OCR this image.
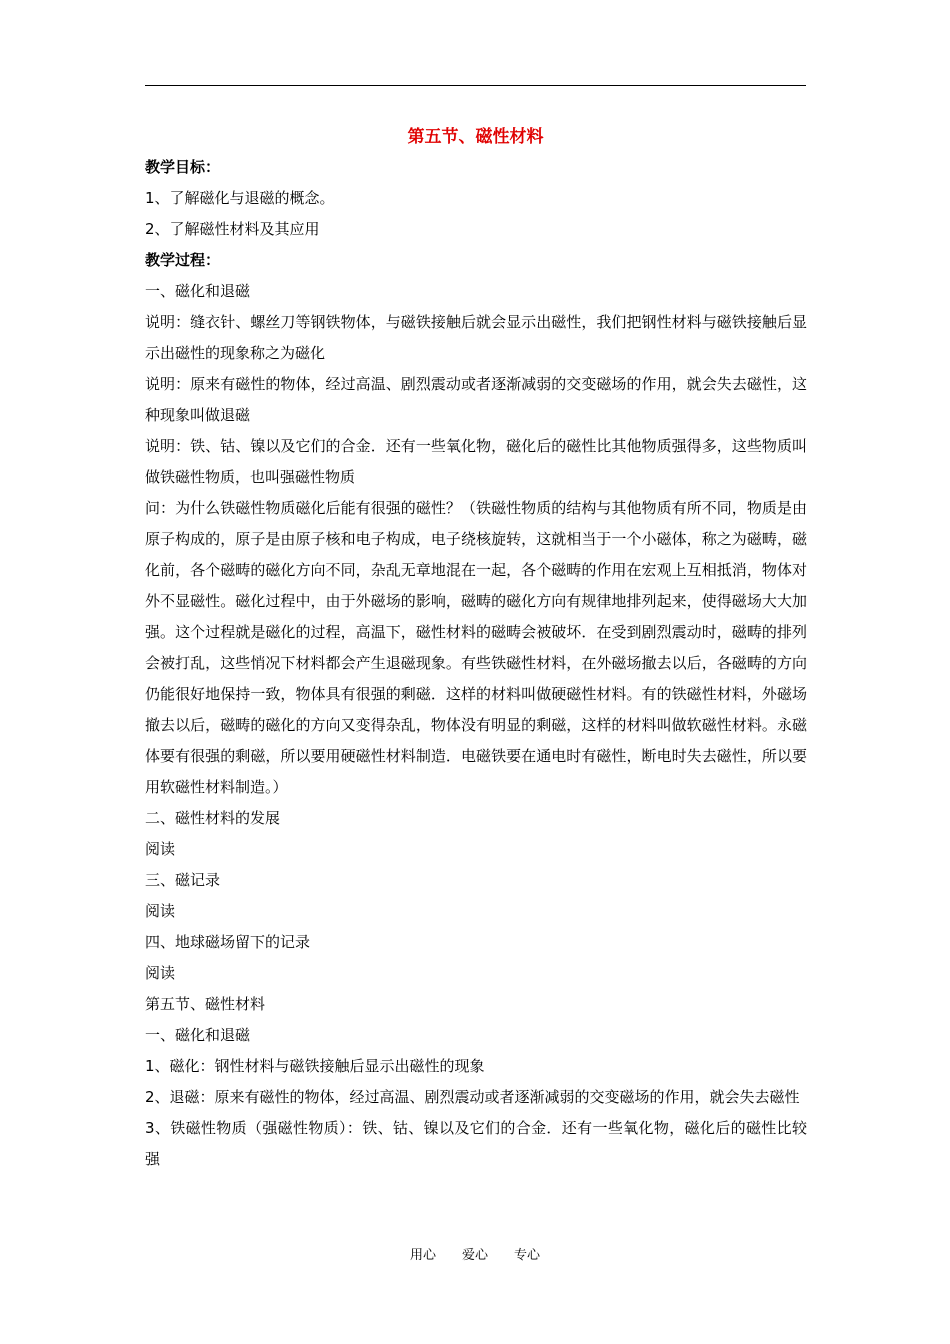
第五节、磁性材料

教学目标：

1、了解磁化与退磁的概念。

2、了解磁性材料及其应用

教学过程：

一、磁化和退磁

说明：缝衣针、螺丝刀等钢铁物体，与磁铁接触后就会显示出磁性，我们把钢性材料与磁铁接触后显示出磁性的现象称之为磁化

说明：原来有磁性的物体，经过高温、剧烈震动或者逐渐减弱的交变磁场的作用，就会失去磁性，这种现象叫做退磁

说明：铁、钴、镍以及它们的合金．还有一些氧化物，磁化后的磁性比其他物质强得多，这些物质叫做铁磁性物质，也叫强磁性物质

问：为什么铁磁性物质磁化后能有很强的磁性？（铁磁性物质的结构与其他物质有所不同，物质是由原子构成的，原子是由原子核和电子构成，电子绕核旋转，这就相当于一个小磁体，称之为磁畴，磁化前，各个磁畴的磁化方向不同，杂乱无章地混在一起，各个磁畴的作用在宏观上互相抵消，物体对外不显磁性。磁化过程中，由于外磁场的影响，磁畴的磁化方向有规律地排列起来，使得磁场大大加强。这个过程就是磁化的过程，高温下，磁性材料的磁畴会被破坏．在受到剧烈震动时，磁畴的排列会被打乱，这些悄况下材料都会产生退磁现象。有些铁磁性材料，在外磁场撤去以后，各磁畴的方向仍能很好地保持一致，物体具有很强的剩磁．这样的材料叫做硬磁性材料。有的铁磁性材料，外磁场撤去以后，磁畴的磁化的方向又变得杂乱，物体没有明显的剩磁，这样的材料叫做软磁性材料。永磁体要有很强的剩磁，所以要用硬磁性材料制造．电磁铁要在通电时有磁性，断电时失去磁性，所以要用软磁性材料制造。）

二、磁性材料的发展

阅读

三、磁记录

阅读

四、地球磁场留下的记录

阅读

第五节、磁性材料

一、磁化和退磁

1、磁化：钢性材料与磁铁接触后显示出磁性的现象

2、退磁：原来有磁性的物体，经过高温、剧烈震动或者逐渐减弱的交变磁场的作用，就会失去磁性

3、铁磁性物质（强磁性物质）：铁、钴、镍以及它们的合金．还有一些氧化物，磁化后的磁性比较强

用心　　爱心　　专心
